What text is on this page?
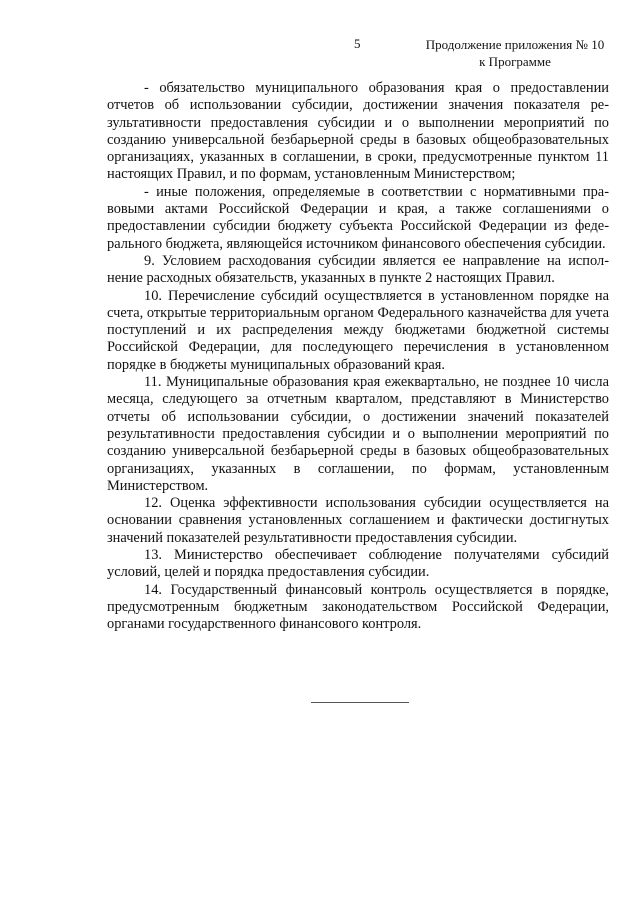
5	Продолжение приложения № 10
к Программе

- обязательство муниципального образования края о предоставлении отчетов об использовании субсидии, достижении значения показателя результативности предоставления субсидии и о выполнении мероприятий по созданию универсальной безбарьерной среды в базовых общеобразовательных организациях, указанных в соглашении, в сроки, предусмотренные пунктом 11 настоящих Правил, и по формам, установленным Министерством;

- иные положения, определяемые в соответствии с нормативными правовыми актами Российской Федерации и края, а также соглашениями о предоставлении субсидии бюджету субъекта Российской Федерации из федерального бюджета, являющейся источником финансового обеспечения субсидии.

9. Условием расходования субсидии является ее направление на исполнение расходных обязательств, указанных в пункте 2 настоящих Правил.

10. Перечисление субсидий осуществляется в установленном порядке на счета, открытые территориальным органом Федерального казначейства для учета поступлений и их распределения между бюджетами бюджетной системы Российской Федерации, для последующего перечисления в установленном порядке в бюджеты муниципальных образований края.

11. Муниципальные образования края ежеквартально, не позднее 10 числа месяца, следующего за отчетным кварталом, представляют в Министерство отчеты об использовании субсидии, о достижении значений показателей результативности предоставления субсидии и о выполнении мероприятий по созданию универсальной безбарьерной среды в базовых общеобразовательных организациях, указанных в соглашении, по формам, установленным Министерством.

12. Оценка эффективности использования субсидии осуществляется на основании сравнения установленных соглашением и фактически достигнутых значений показателей результативности предоставления субсидии.

13. Министерство обеспечивает соблюдение получателями субсидий условий, целей и порядка предоставления субсидии.

14. Государственный финансовый контроль осуществляется в порядке, предусмотренным бюджетным законодательством Российской Федерации, органами государственного финансового контроля.
